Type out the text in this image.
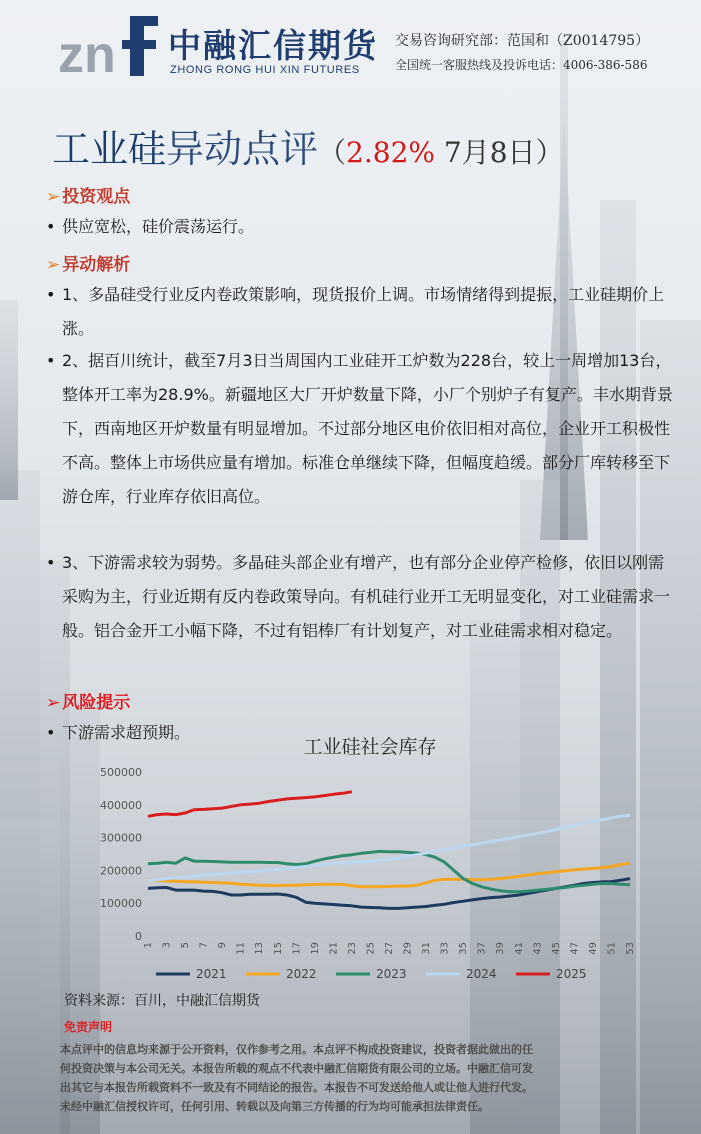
zn 中融汇信期货
ZHONG RONG HUI XIN FUTURES
交易咨询研究部：范国和（Z0014795）
全国统一客服热线及投诉电话：4006-386-586
工业硅异动点评（2.82% 7月8日）
➢ 投资观点
• 供应宽松，硅价震荡运行。
➢ 异动解析
• 1、多晶硅受行业反内卷政策影响，现货报价上调。市场情绪得到提振，工业硅期价上涨。
• 2、据百川统计，截至7月3日当周国内工业硅开工炉数为228台，较上一周增加13台，整体开工率为28.9%。新疆地区大厂开炉数量下降，小厂个别炉子有复产。丰水期背景下，西南地区开炉数量有明显增加。不过部分地区电价依旧相对高位，企业开工积极性不高。整体上市场供应量有增加。标准仓单继续下降，但幅度趋缓。部分厂库转移至下游仓库，行业库存依旧高位。
• 3、下游需求较为弱势。多晶硅头部企业有增产，也有部分企业停产检修，依旧以刚需采购为主，行业近期有反内卷政策导向。有机硅行业开工无明显变化，对工业硅需求一般。铝合金开工小幅下降，不过有铝棒厂有计划复产，对工业硅需求相对稳定。
➢ 风险提示
• 下游需求超预期。
工业硅社会库存
0
100000
200000
300000
400000
500000
1 3 5 7 9 11 13 15 17 19 21 23 25 27 29 31 33 35 37 39 41 43 45 47 49 51 53
2021	2022	2023	2024	2025
资料来源：百川，中融汇信期货
免责声明
本点评中的信息均来源于公开资料，仅作参考之用。本点评不构成投资建议，投资者据此做出的任
何投资决策与本公司无关。本报告所载的观点不代表中融汇信期货有限公司的立场。中融汇信可发
出其它与本报告所载资料不一致及有不同结论的报告。本报告不可发送给他人或让他人进行代发。
未经中融汇信授权许可，任何引用、转载以及向第三方传播的行为均可能承担法律责任。
